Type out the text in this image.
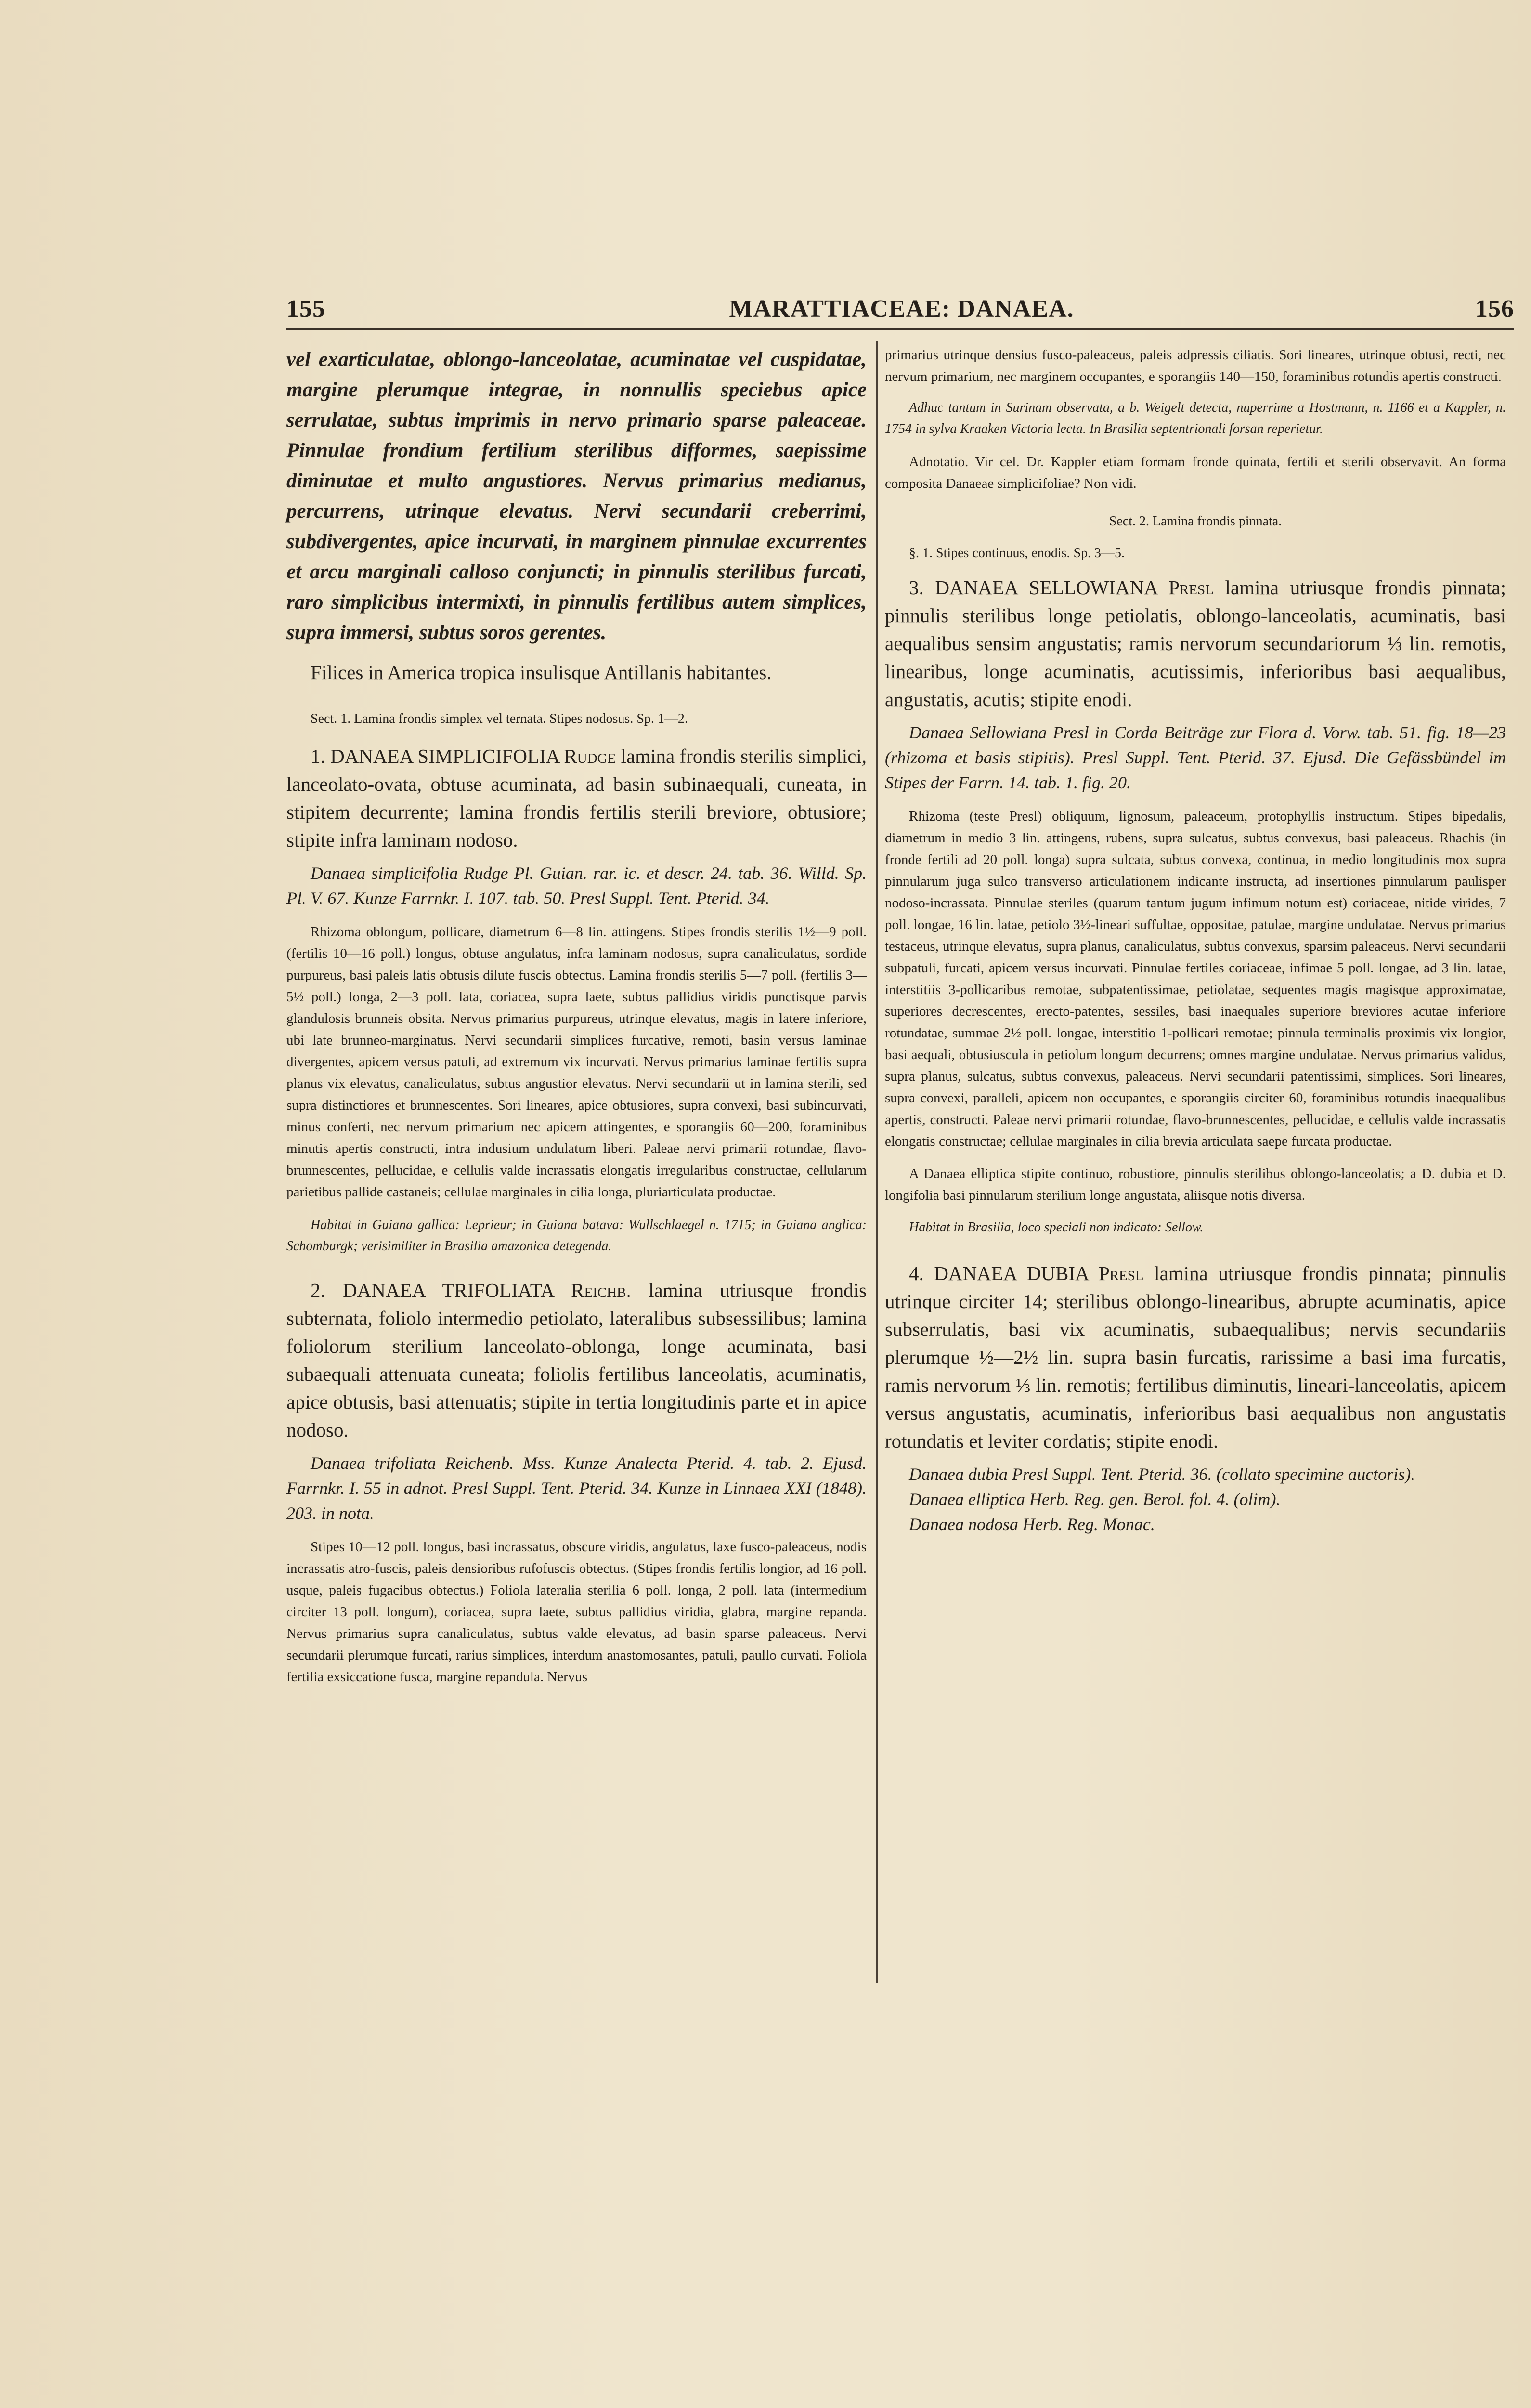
155	MARATTIACEAE: DANAEA.	156

vel exarticulatae, oblongo-lanceolatae, acuminatae vel cuspidatae, margine plerumque integrae, in nonnullis speciebus apice serrulatae, subtus imprimis in nervo primario sparse paleaceae. Pinnulae frondium fertilium sterilibus difformes, saepissime diminutae et multo angustiores. Nervus primarius medianus, percurrens, utrinque elevatus. Nervi secundarii creberrimi, subdivergentes, apice incurvati, in marginem pinnulae excurrentes et arcu marginali calloso conjuncti; in pinnulis sterilibus furcati, raro simplicibus intermixti, in pinnulis fertilibus autem simplices, supra immersi, subtus soros gerentes.

Filices in America tropica insulisque Antillanis habitantes.

Sect. 1. Lamina frondis simplex vel ternata. Stipes nodosus. Sp. 1—2.

1. DANAEA SIMPLICIFOLIA Rudge lamina frondis sterilis simplici, lanceolato-ovata, obtuse acuminata, ad basin subinaequali, cuneata, in stipitem decurrente; lamina frondis fertilis sterili breviore, obtusiore; stipite infra laminam nodoso.

Danaea simplicifolia Rudge Pl. Guian. rar. ic. et descr. 24. tab. 36. Willd. Sp. Pl. V. 67. Kunze Farrnkr. I. 107. tab. 50. Presl Suppl. Tent. Pterid. 34.

Rhizoma oblongum, pollicare, diametrum 6—8 lin. attingens. Stipes frondis sterilis 1½—9 poll. (fertilis 10—16 poll.) longus, obtuse angulatus, infra laminam nodosus, supra canaliculatus, sordide purpureus, basi paleis latis obtusis dilute fuscis obtectus. Lamina frondis sterilis 5—7 poll. (fertilis 3—5½ poll.) longa, 2—3 poll. lata, coriacea, supra laete, subtus pallidius viridis punctisque parvis glandulosis brunneis obsita. Nervus primarius purpureus, utrinque elevatus, magis in latere inferiore, ubi late brunneo-marginatus. Nervi secundarii simplices furcative, remoti, basin versus laminae divergentes, apicem versus patuli, ad extremum vix incurvati. Nervus primarius laminae fertilis supra planus vix elevatus, canaliculatus, subtus angustior elevatus. Nervi secundarii ut in lamina sterili, sed supra distinctiores et brunnescentes. Sori lineares, apice obtusiores, supra convexi, basi subincurvati, minus conferti, nec nervum primarium nec apicem attingentes, e sporangiis 60—200, foraminibus minutis apertis constructi, intra indusium undulatum liberi. Paleae nervi primarii rotundae, flavo-brunnescentes, pellucidae, e cellulis valde incrassatis elongatis irregularibus constructae, cellularum parietibus pallide castaneis; cellulae marginales in cilia longa, pluriarticulata productae.

Habitat in Guiana gallica: Leprieur; in Guiana batava: Wullschlaegel n. 1715; in Guiana anglica: Schomburgk; verisimiliter in Brasilia amazonica detegenda.

2. DANAEA TRIFOLIATA Reichb. lamina utriusque frondis subternata, foliolo intermedio petiolato, lateralibus subsessilibus; lamina foliolorum sterilium lanceolato-oblonga, longe acuminata, basi subaequali attenuata cuneata; foliolis fertilibus lanceolatis, acuminatis, apice obtusis, basi attenuatis; stipite in tertia longitudinis parte et in apice nodoso.

Danaea trifoliata Reichenb. Mss. Kunze Analecta Pterid. 4. tab. 2. Ejusd. Farrnkr. I. 55 in adnot. Presl Suppl. Tent. Pterid. 34. Kunze in Linnaea XXI (1848). 203. in nota.

Stipes 10—12 poll. longus, basi incrassatus, obscure viridis, angulatus, laxe fusco-paleaceus, nodis incrassatis atro-fuscis, paleis densioribus rufofuscis obtectus. (Stipes frondis fertilis longior, ad 16 poll. usque, paleis fugacibus obtectus.) Foliola lateralia sterilia 6 poll. longa, 2 poll. lata (intermedium circiter 13 poll. longum), coriacea, supra laete, subtus pallidius viridia, glabra, margine repanda. Nervus primarius supra canaliculatus, subtus valde elevatus, ad basin sparse paleaceus. Nervi secundarii plerumque furcati, rarius simplices, interdum anastomosantes, patuli, paullo curvati. Foliola fertilia exsiccatione fusca, margine repandula. Nervus

primarius utrinque densius fusco-paleaceus, paleis adpressis ciliatis. Sori lineares, utrinque obtusi, recti, nec nervum primarium, nec marginem occupantes, e sporangiis 140—150, foraminibus rotundis apertis constructi.

Adhuc tantum in Surinam observata, a b. Weigelt detecta, nuperrime a Hostmann, n. 1166 et a Kappler, n. 1754 in sylva Kraaken Victoria lecta. In Brasilia septentrionali forsan reperietur.

Adnotatio. Vir cel. Dr. Kappler etiam formam fronde quinata, fertili et sterili observavit. An forma composita Danaeae simplicifoliae? Non vidi.

Sect. 2. Lamina frondis pinnata.

§. 1. Stipes continuus, enodis. Sp. 3—5.

3. DANAEA SELLOWIANA Presl lamina utriusque frondis pinnata; pinnulis sterilibus longe petiolatis, oblongo-lanceolatis, acuminatis, basi aequalibus sensim angustatis; ramis nervorum secundariorum ⅓ lin. remotis, linearibus, longe acuminatis, acutissimis, inferioribus basi aequalibus, angustatis, acutis; stipite enodi.

Danaea Sellowiana Presl in Corda Beiträge zur Flora d. Vorw. tab. 51. fig. 18—23 (rhizoma et basis stipitis). Presl Suppl. Tent. Pterid. 37. Ejusd. Die Gefässbündel im Stipes der Farrn. 14. tab. 1. fig. 20.

Rhizoma (teste Presl) obliquum, lignosum, paleaceum, protophyllis instructum. Stipes bipedalis, diametrum in medio 3 lin. attingens, rubens, supra sulcatus, subtus convexus, basi paleaceus. Rhachis (in fronde fertili ad 20 poll. longa) supra sulcata, subtus convexa, continua, in medio longitudinis mox supra pinnularum juga sulco transverso articulationem indicante instructa, ad insertiones pinnularum paulisper nodoso-incrassata. Pinnulae steriles (quarum tantum jugum infimum notum est) coriaceae, nitide virides, 7 poll. longae, 16 lin. latae, petiolo 3½-lineari suffultae, oppositae, patulae, margine undulatae. Nervus primarius testaceus, utrinque elevatus, supra planus, canaliculatus, subtus convexus, sparsim paleaceus. Nervi secundarii subpatuli, furcati, apicem versus incurvati. Pinnulae fertiles coriaceae, infimae 5 poll. longae, ad 3 lin. latae, interstitiis 3-pollicaribus remotae, subpatentissimae, petiolatae, sequentes magis magisque approximatae, superiores decrescentes, erecto-patentes, sessiles, basi inaequales superiore breviores acutae inferiore rotundatae, summae 2½ poll. longae, interstitio 1-pollicari remotae; pinnula terminalis proximis vix longior, basi aequali, obtusiuscula in petiolum longum decurrens; omnes margine undulatae. Nervus primarius validus, supra planus, sulcatus, subtus convexus, paleaceus. Nervi secundarii patentissimi, simplices. Sori lineares, supra convexi, paralleli, apicem non occupantes, e sporangiis circiter 60, foraminibus rotundis inaequalibus apertis, constructi. Paleae nervi primarii rotundae, flavo-brunnescentes, pellucidae, e cellulis valde incrassatis elongatis constructae; cellulae marginales in cilia brevia articulata saepe furcata productae.

A Danaea elliptica stipite continuo, robustiore, pinnulis sterilibus oblongo-lanceolatis; a D. dubia et D. longifolia basi pinnularum sterilium longe angustata, aliisque notis diversa.

Habitat in Brasilia, loco speciali non indicato: Sellow.

4. DANAEA DUBIA Presl lamina utriusque frondis pinnata; pinnulis utrinque circiter 14; sterilibus oblongo-linearibus, abrupte acuminatis, apice subserrulatis, basi vix acuminatis, subaequalibus; nervis secundariis plerumque ½—2½ lin. supra basin furcatis, rarissime a basi ima furcatis, ramis nervorum ⅓ lin. remotis; fertilibus diminutis, lineari-lanceolatis, apicem versus angustatis, acuminatis, inferioribus basi aequalibus non angustatis rotundatis et leviter cordatis; stipite enodi.

Danaea dubia Presl Suppl. Tent. Pterid. 36. (collato specimine auctoris).

Danaea elliptica Herb. Reg. gen. Berol. fol. 4. (olim).

Danaea nodosa Herb. Reg. Monac.
